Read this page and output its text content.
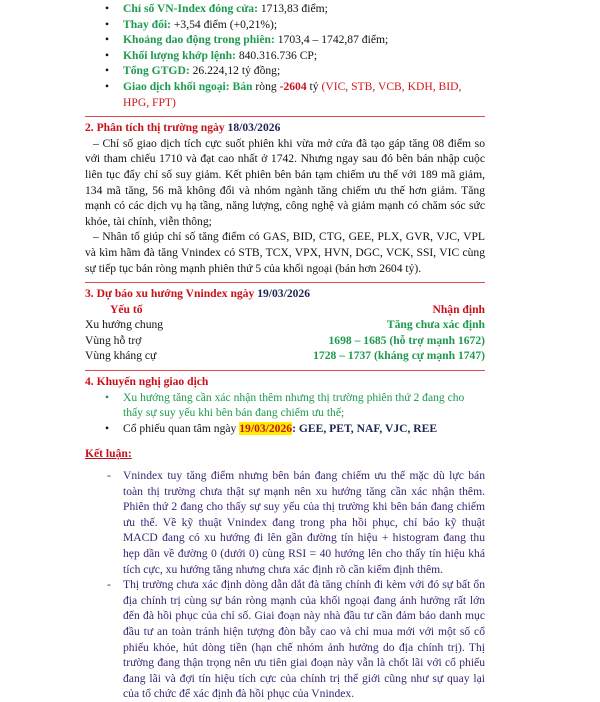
• Chỉ số VN-Index đóng cửa: 1713,83 điểm;
• Thay đổi: +3,54 điểm (+0,21%);
• Khoảng dao động trong phiên: 1703,4 – 1742,87 điểm;
• Khối lượng khớp lệnh: 840.316.736 CP;
• Tổng GTGD: 26.224,12 tỷ đồng;
• Giao dịch khối ngoại: Bán ròng -2604 tỷ (VIC, STB, VCB, KDH, BID, HPG, FPT)
2. Phân tích thị trường ngày 18/03/2026

– Chỉ số giao dịch tích cực suốt phiên khi vừa mở cửa đã tạo gáp tăng 08 điểm so với tham chiếu 1710 và đạt cao nhất ở 1742. Nhưng ngay sau đó bên bán nhập cuộc liên tục đẩy chỉ số suy giảm. Kết phiên bên bán tạm chiếm ưu thế với 189 mã giảm, 134 mã tăng, 56 mã không đổi và nhóm ngành tăng chiếm ưu thế hơn giảm. Tăng mạnh có các dịch vụ hạ tầng, năng lượng, công nghệ và giảm mạnh có chăm sóc sức khỏe, tài chính, viễn thông;

– Nhân tố giúp chỉ số tăng điểm có GAS, BID, CTG, GEE, PLX, GVR, VJC, VPL và kìm hãm đà tăng Vnindex có STB, TCX, VPX, HVN, DGC, VCK, SSI, VIC cùng sự tiếp tục bán ròng mạnh phiên thứ 5 của khối ngoại (bán hơn 2604 tỷ).

3. Dự báo xu hướng Vnindex ngày 19/03/2026
Yếu tố	Nhận định
Xu hướng chung	Tăng chưa xác định
Vùng hỗ trợ	1698 – 1685 (hỗ trợ mạnh 1672)
Vùng kháng cự	1728 – 1737 (kháng cự mạnh 1747)
4. Khuyến nghị giao dịch
• Xu hướng tăng cần xác nhận thêm nhưng thị trường phiên thứ 2 đang cho thấy sự suy yếu khi bên bán đang chiếm ưu thế;
• Cổ phiếu quan tâm ngày 19/03/2026: GEE, PET, NAF, VJC, REE
Kết luận:
- Vnindex tuy tăng điểm nhưng bên bán đang chiếm ưu thế mặc dù lực bán toàn thị trường chưa thật sự mạnh nên xu hướng tăng cần xác nhận thêm. Phiên thứ 2 đang cho thấy sự suy yếu của thị trường khi bên bán đang chiếm ưu thế. Về kỹ thuật Vnindex đang trong pha hồi phục, chỉ báo kỹ thuật MACD đang có xu hướng đi lên gần đường tín hiệu + histogram đang thu hẹp dần về đường 0 (dưới 0) cùng RSI = 40 hướng lên cho thấy tín hiệu khá tích cực, xu hướng tăng nhưng chưa xác định rõ cần kiểm định thêm.
- Thị trường chưa xác định dòng dẫn dắt đà tăng chính đi kèm với đó sự bất ổn địa chính trị cùng sự bán ròng mạnh của khối ngoại đang ảnh hưởng rất lớn đến đà hồi phục của chỉ số. Giai đoạn này nhà đầu tư cần đảm bảo danh mục đầu tư an toàn tránh hiện tượng đòn bẫy cao và chỉ mua mới với một số cổ phiếu khỏe, hút dòng tiền (hạn chế nhóm ảnh hưởng do địa chính trị). Thị trường đang thận trọng nên ưu tiên giai đoạn này vẫn là chốt lãi với cổ phiếu đang lãi và đợi tín hiệu tích cực của chính trị thế giới cũng như sự quay lại của tổ chức để xác định đà hồi phục của Vnindex.
